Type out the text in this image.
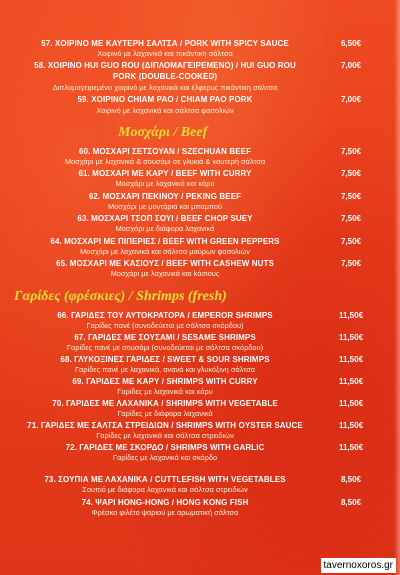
57. ΧΟΙΡΙΝΟ ΜΕ ΚΑΥΤΕΡΗ ΣΑΛΤΣΑ / PORK WITH SPICY SAUCE	6,50€
Χοιρινό με λαχανικά και πικάντικη σάλτσα
58. ΧΟΙΡΙΝΟ HUI GUO ROU (ΔΙΠΛΟΜΑΓΕΙΡΕΜΕΝΟ) / HUI GUO ROU	7,00€
PORK (DOUBLE-COOKED)
Διπλομαγειρεμένο χοιρινό με λαχανικά και έλφερυς πικάντικη σάλτσα
59. ΧΟΙΡΙΝΟ CHIAM PAO / CHIAM PAO PORK	7,00€
Χοιρινό με λαχανικά και σάλτσα φασολιών
Μοσχάρι / Beef
60. ΜΟΣΧΑΡΙ ΣΕΤΣΟΥΑΝ / SZECHUAN BEEF	7,50€
Μοσχάρι με λαχανικά & σουσάμι σε γλυκιά & καυτερή σάλτσα
61. ΜΟΣΧΑΡΙ ΜΕ ΚΑΡΥ / BEEF WITH CURRY	7,50€
Μοσχάρι με λαχανικά και κάρυ
62. ΜΟΣΧΑΡΙ ΠΕΚΙΝΟΥ / PEKING BEEF	7,50€
Μοσχάρι με μοντάρια και μπαμπού
63. ΜΟΣΧΑΡΙ ΤΣΟΠ ΣΟΥΙ / BEEF CHOP SUEY	7,50€
Μοσχάρι με διάφορα λαχανικά
64. ΜΟΣΧΑΡΙ ΜΕ ΠΙΠΕΡΙΕΣ / BEEF WITH GREEN PEPPERS	7,50€
Μοσχάρι με λαχανικά και σάλτσα μαύρων φασολιών
65. ΜΟΣΧΑΡΙ ΜΕ ΚΑΣΙΟΥΣ / BEEF WITH CASHEW NUTS	7,50€
Μοσχάρι με λαχανικά και kάσιους
Γαρίδες (φρέσκιες) / Shrimps (fresh)
66. ΓΑΡΙΔΕΣ ΤΟΥ ΑΥΤΟΚΡΑΤΟΡΑ / EMPEROR SHRIMPS	11,50€
Γαρίδες πανέ (συνοδεύεται με σάλτσα σκόρδου)
67. ΓΑΡΙΔΕΣ ΜΕ ΣΟΥΣΑΜΙ / SESAME SHRIMPS	11,50€
Γαρίδες πανέ με σουσάμι (συνοδεύεται με σάλτσα σκόρδου)
68. ΓΛΥΚΟΞΙΝΕΣ ΓΑΡΙΔΕΣ / SWEET & SOUR SHRIMPS	11,50€
Γαρίδες πανέ με λαχανικά, ανανά και γλυκόξινη σάλτσα
69. ΓΑΡΙΔΕΣ ΜΕ ΚΑΡΥ / SHRIMPS WITH CURRY	11,50€
Γαρίδες με λαχανικά και κάρυ
70. ΓΑΡΙΔΕΣ ΜΕ ΛΑΧΑΝΙΚΑ / SHRIMPS WITH VEGETABLE	11,50€
Γαρίδες με διάφορα λαχανικά
71. ΓΑΡΙΔΕΣ ΜΕ ΣΑΛΤΣΑ ΣΤΡΕΙΔΙΩΝ / SHRIMPS WITH OYSTER SAUCE	11,50€
Γαρίδες με λαχανικά και σάλτσα στρειδιών
72. ΓΑΡΙΔΕΣ ΜΕ ΣΚΟΡΔΟ / SHRIMPS WITH GARLIC	11,50€
Γαρίδες με λαχανικά και σκόρδο
73. ΣΟΥΠΙΑ ΜΕ ΛΑΧΑΝΙΚΑ / CUTTLEFISH WITH VEGETABLES	8,50€
Σουπιό με διάφορα λαχανικά και σάλτσα στρειδιών
74. ΨΑΡΙ HONG-HONG / HONG KONG FISH	8,50€
Φρέσκο φιλέτο ψαριού με αρωματική σάλτσα
tavernoxoros.gr
